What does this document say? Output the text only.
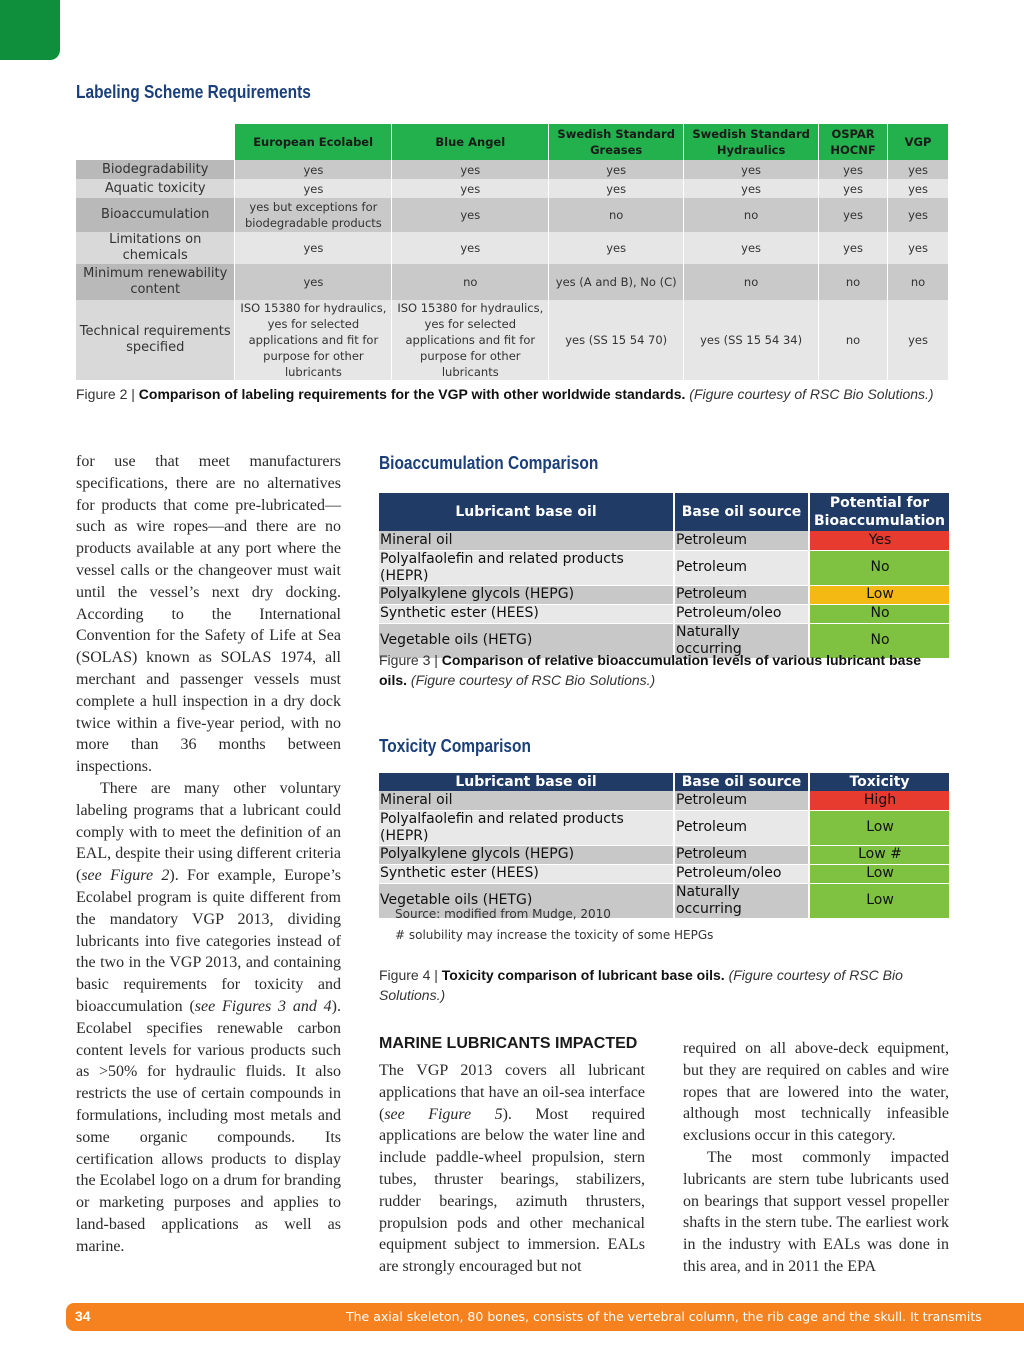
Labeling Scheme Requirements
	European Ecolabel	Blue Angel	Swedish Standard Greases	Swedish Standard Hydraulics	OSPAR HOCNF	VGP
Biodegradability	yes	yes	yes	yes	yes	yes
Aquatic toxicity	yes	yes	yes	yes	yes	yes
Bioaccumulation	yes but exceptions for biodegradable products	yes	no	no	yes	yes
Limitations on chemicals	yes	yes	yes	yes	yes	yes
Minimum renewability content	yes	no	yes (A and B), No (C)	no	no	no
Technical requirements specified	ISO 15380 for hydraulics, yes for selected applications and fit for purpose for other lubricants	ISO 15380 for hydraulics, yes for selected applications and fit for purpose for other lubricants	yes (SS 15 54 70)	yes (SS 15 54 34)	no	yes
Figure 2 | Comparison of labeling requirements for the VGP with other worldwide standards. (Figure courtesy of RSC Bio Solutions.)

for use that meet manufacturers specifications, there are no alternatives for products that come pre-lubricated—such as wire ropes—and there are no products available at any port where the vessel calls or the changeover must wait until the vessel’s next dry docking. According to the International Convention for the Safety of Life at Sea (SOLAS) known as SOLAS 1974, all merchant and passenger vessels must complete a hull inspection in a dry dock twice within a five-year period, with no more than 36 months between inspections.

There are many other voluntary labeling programs that a lubricant could comply with to meet the definition of an EAL, despite their using different criteria (see Figure 2). For example, Europe’s Ecolabel program is quite different from the mandatory VGP 2013, dividing lubricants into five categories instead of the two in the VGP 2013, and containing basic requirements for toxicity and bioaccumulation (see Figures 3 and 4). Ecolabel specifies renewable carbon content levels for various products such as >50% for hydraulic fluids. It also restricts the use of certain compounds in formulations, including most metals and some organic compounds. Its certification allows products to display the Ecolabel logo on a drum for branding or marketing purposes and applies to land-based applications as well as marine.

Bioaccumulation Comparison
Lubricant base oil	Base oil source	Potential for Bioaccumulation
Mineral oil	Petroleum	Yes
Polyalfaolefin and related products (HEPR)	Petroleum	No
Polyalkylene glycols (HEPG)	Petroleum	Low
Synthetic ester (HEES)	Petroleum/oleo	No
Vegetable oils (HETG)	Naturally occurring	No
Figure 3 | Comparison of relative bioaccumulation levels of various lubricant base oils. (Figure courtesy of RSC Bio Solutions.)
Toxicity Comparison
Lubricant base oil	Base oil source	Toxicity
Mineral oil	Petroleum	High
Polyalfaolefin and related products (HEPR)	Petroleum	Low
Polyalkylene glycols (HEPG)	Petroleum	Low #
Synthetic ester (HEES)	Petroleum/oleo	Low
Vegetable oils (HETG)	Naturally occurring	Low
Source: modified from Mudge, 2010
# solubility may increase the toxicity of some HEPGs
Figure 4 | Toxicity comparison of lubricant base oils. (Figure courtesy of RSC Bio Solutions.)
MARINE LUBRICANTS IMPACTED

The VGP 2013 covers all lubricant applications that have an oil-sea interface (see Figure 5). Most required applications are below the water line and include paddle-wheel propulsion, stern tubes, thruster bearings, stabilizers, rudder bearings, azimuth thrusters, propulsion pods and other mechanical equipment subject to immersion. EALs are strongly encouraged but not

required on all above-deck equipment, but they are required on cables and wire ropes that are lowered into the water, although most technically infeasible exclusions occur in this category.

The most commonly impacted lubricants are stern tube lubricants used on bearings that support vessel propeller shafts in the stern tube. The earliest work in the industry with EALs was done in this area, and in 2011 the EPA

34	The axial skeleton, 80 bones, consists of the vertebral column, the rib cage and the skull. It transmits
